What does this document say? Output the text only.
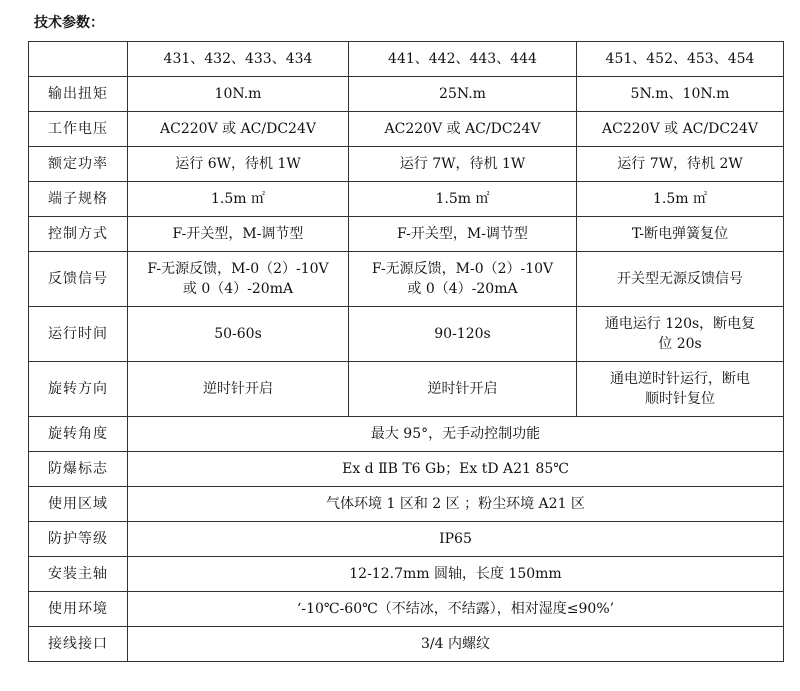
技术参数：
	431、432、433、434	441、442、443、444	451、452、453、454
输出扭矩	10N.m	25N.m	5N.m、10N.m

工作电压	AC220V 或 AC/DC24V	AC220V 或 AC/DC24V	AC220V 或 AC/DC24V

额定功率	运行 6W，待机 1W	运行 7W，待机 1W	运行 7W，待机 2W

端子规格	1.5m ㎡	1.5m ㎡	1.5m ㎡

控制方式	F-开关型，M-调节型	F-开关型，M-调节型	T-断电弹簧复位

反馈信号	F-无源反馈，M-0（2）-10V
或 0（4）-20mA	F-无源反馈，M-0（2）-10V
或 0（4）-20mA	开关型无源反馈信号

运行时间	50-60s	90-120s	通电运行 120s，断电复
位 20s

旋转方向	逆时针开启	逆时针开启	通电逆时针运行，断电
顺时针复位

旋转角度	最大 95°，无手动控制功能		

防爆标志	Ex d ⅡB T6 Gb；Ex tD A21 85℃		

使用区域	气体环境 1 区和 2 区 ；粉尘环境 A21 区		

防护等级	IP65		

安装主轴	12-12.7mm 圆轴，长度 150mm		

使用环境	‘-10℃-60℃（不结冰，不结露），相对湿度≤90%’		

接线接口	3/4 内螺纹		
